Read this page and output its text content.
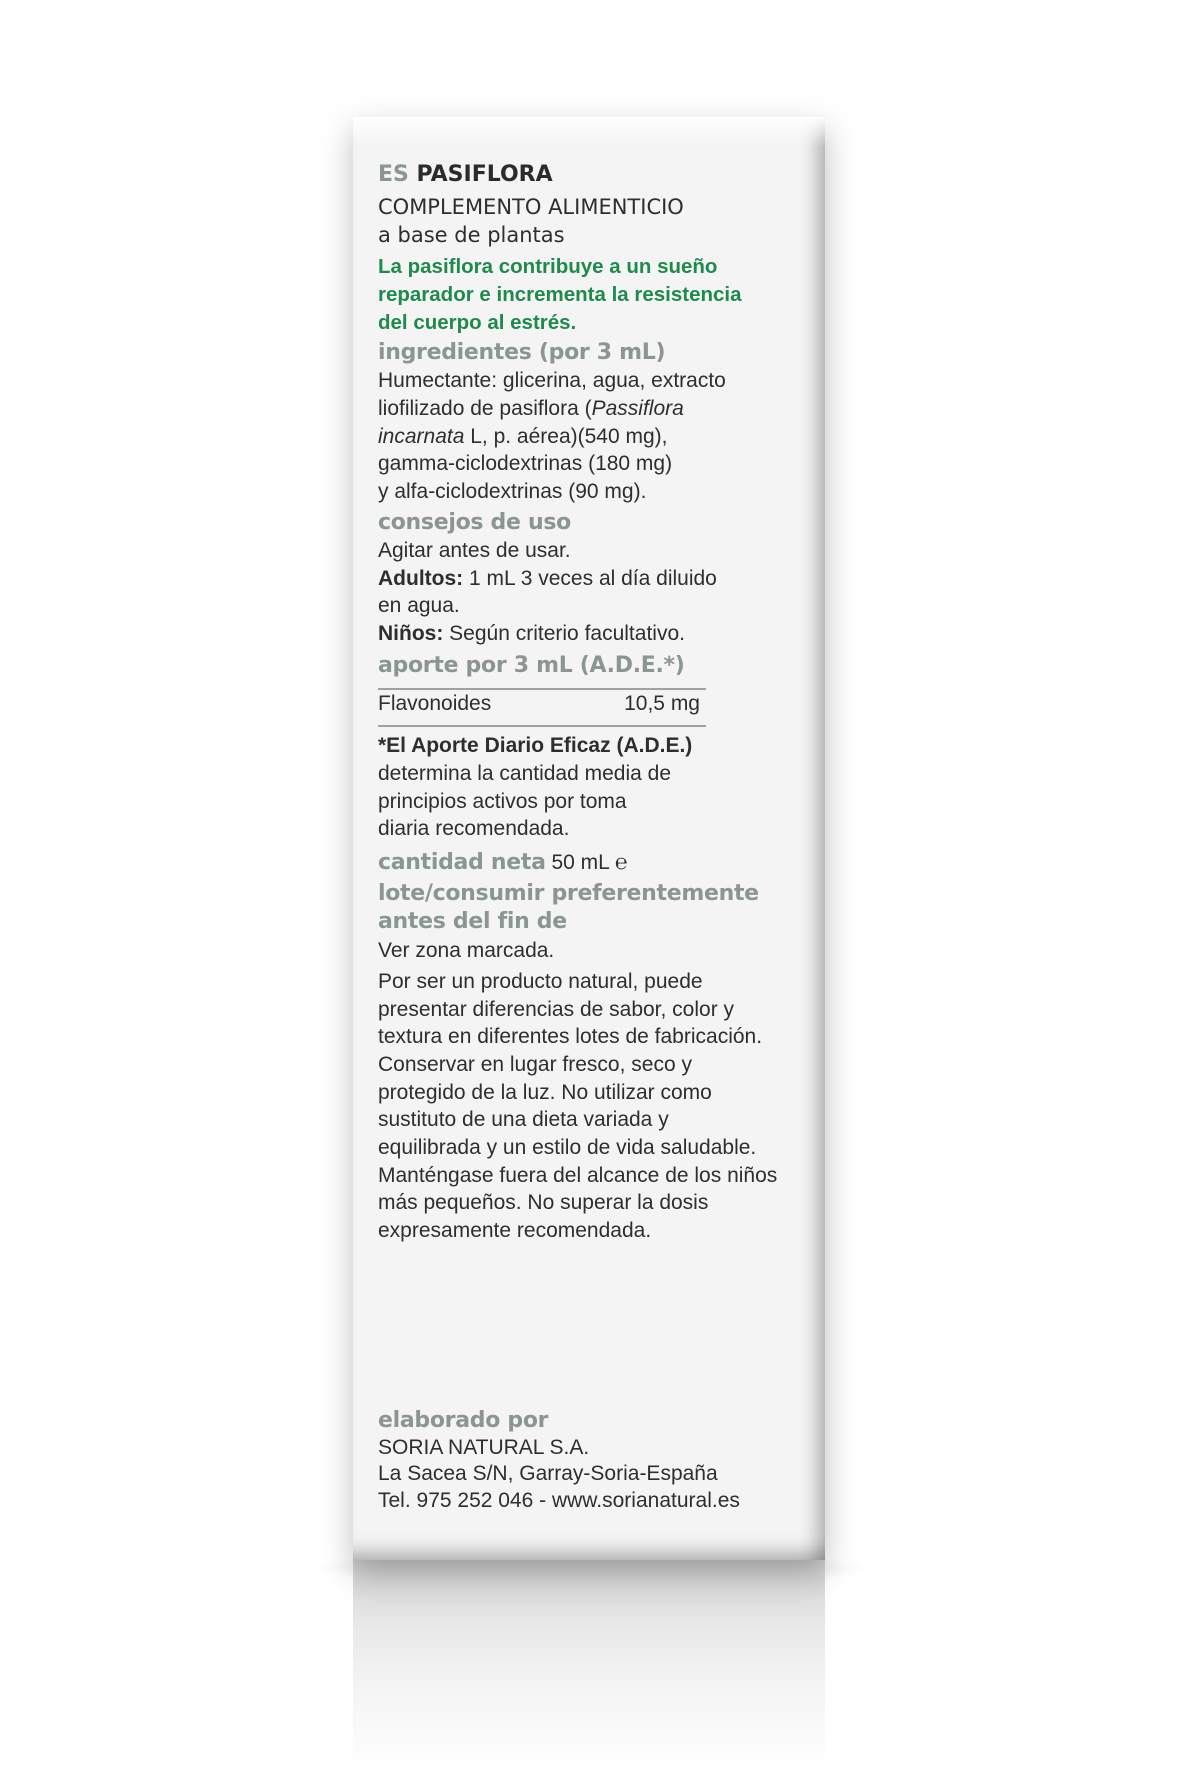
ES PASIFLORA
COMPLEMENTO ALIMENTICIO
a base de plantas
La pasiflora contribuye a un sueño
reparador e incrementa la resistencia
del cuerpo al estrés.
ingredientes (por 3 mL)
Humectante: glicerina, agua, extracto
liofilizado de pasiflora (Passiflora
incarnata L, p. aérea)(540 mg),
gamma-ciclodextrinas (180 mg)
y alfa-ciclodextrinas (90 mg).
consejos de uso
Agitar antes de usar.
Adultos: 1 mL 3 veces al día diluido
en agua.
Niños: Según criterio facultativo.
aporte por 3 mL (A.D.E.*)
Flavonoides	10,5 mg
*El Aporte Diario Eficaz (A.D.E.)
determina la cantidad media de
principios activos por toma
diaria recomendada.
cantidad neta 50 mL ℮
lote/consumir preferentemente
antes del fin de
Ver zona marcada.
Por ser un producto natural, puede
presentar diferencias de sabor, color y
textura en diferentes lotes de fabricación.
Conservar en lugar fresco, seco y
protegido de la luz. No utilizar como
sustituto de una dieta variada y
equilibrada y un estilo de vida saludable.
Manténgase fuera del alcance de los niños
más pequeños. No superar la dosis
expresamente recomendada.
elaborado por
SORIA NATURAL S.A.
La Sacea S/N, Garray-Soria-España
Tel. 975 252 046 - www.sorianatural.es
